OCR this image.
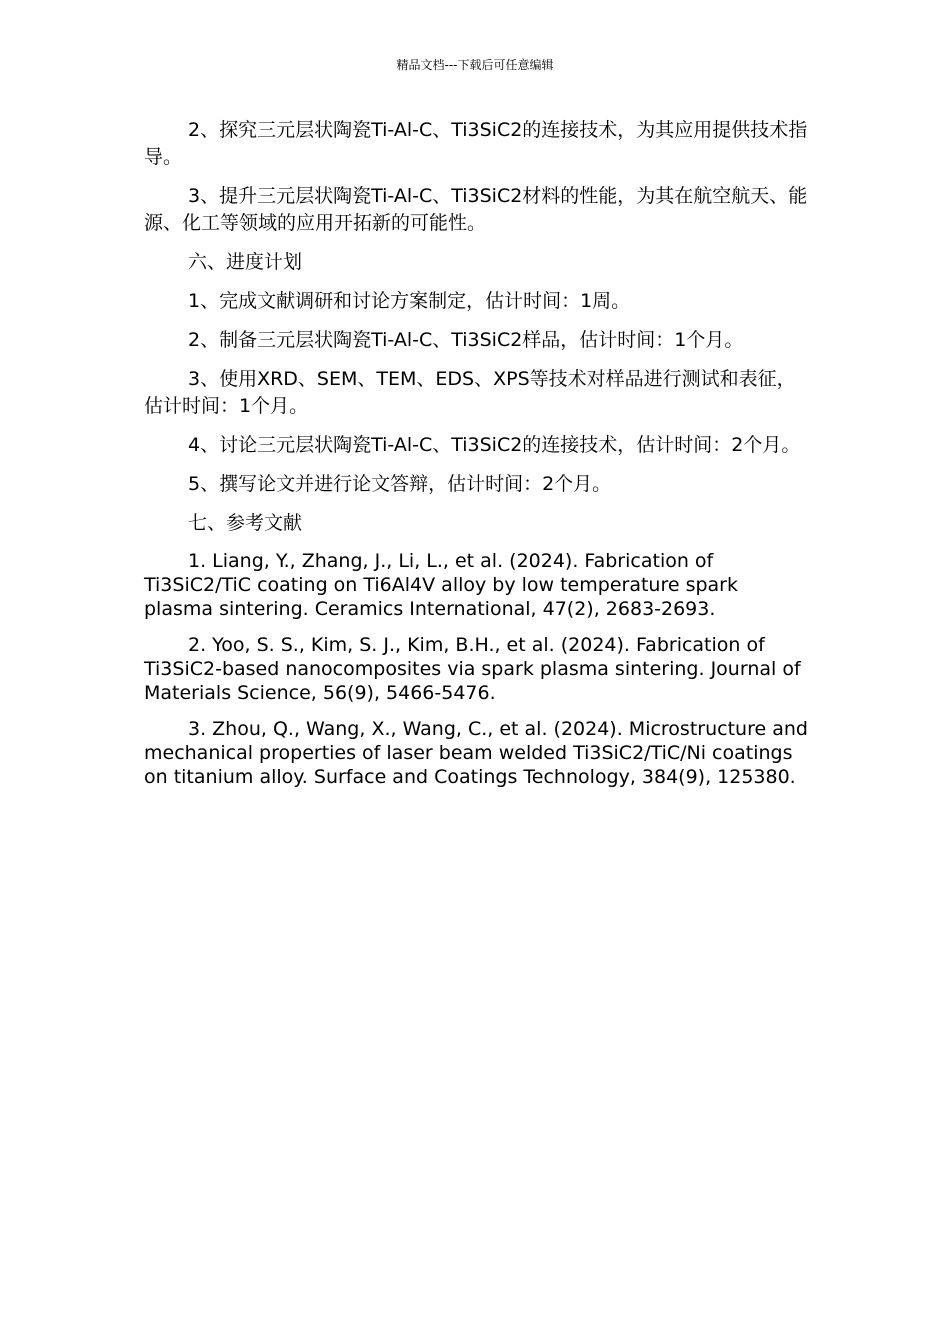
精品文档---下载后可任意编辑

2、探究三元层状陶瓷Ti-Al-C、Ti3SiC2的连接技术，为其应用提供技术指导。

3、提升三元层状陶瓷Ti-Al-C、Ti3SiC2材料的性能，为其在航空航天、能源、化工等领域的应用开拓新的可能性。

六、进度计划

1、完成文献调研和讨论方案制定，估计时间：1周。

2、制备三元层状陶瓷Ti-Al-C、Ti3SiC2样品，估计时间：1个月。

3、使用XRD、SEM、TEM、EDS、XPS等技术对样品进行测试和表征，估计时间：1个月。

4、讨论三元层状陶瓷Ti-Al-C、Ti3SiC2的连接技术，估计时间：2个月。

5、撰写论文并进行论文答辩，估计时间：2个月。

七、参考文献

1. Liang, Y., Zhang, J., Li, L., et al. (2024). Fabrication of Ti3SiC2/TiC coating on Ti6Al4V alloy by low temperature spark plasma sintering. Ceramics International, 47(2), 2683-2693.

2. Yoo, S. S., Kim, S. J., Kim, B.H., et al. (2024). Fabrication of Ti3SiC2-based nanocomposites via spark plasma sintering. Journal of Materials Science, 56(9), 5466-5476.

3. Zhou, Q., Wang, X., Wang, C., et al. (2024). Microstructure and mechanical properties of laser beam welded Ti3SiC2/TiC/Ni coatings on titanium alloy. Surface and Coatings Technology, 384(9), 125380.
